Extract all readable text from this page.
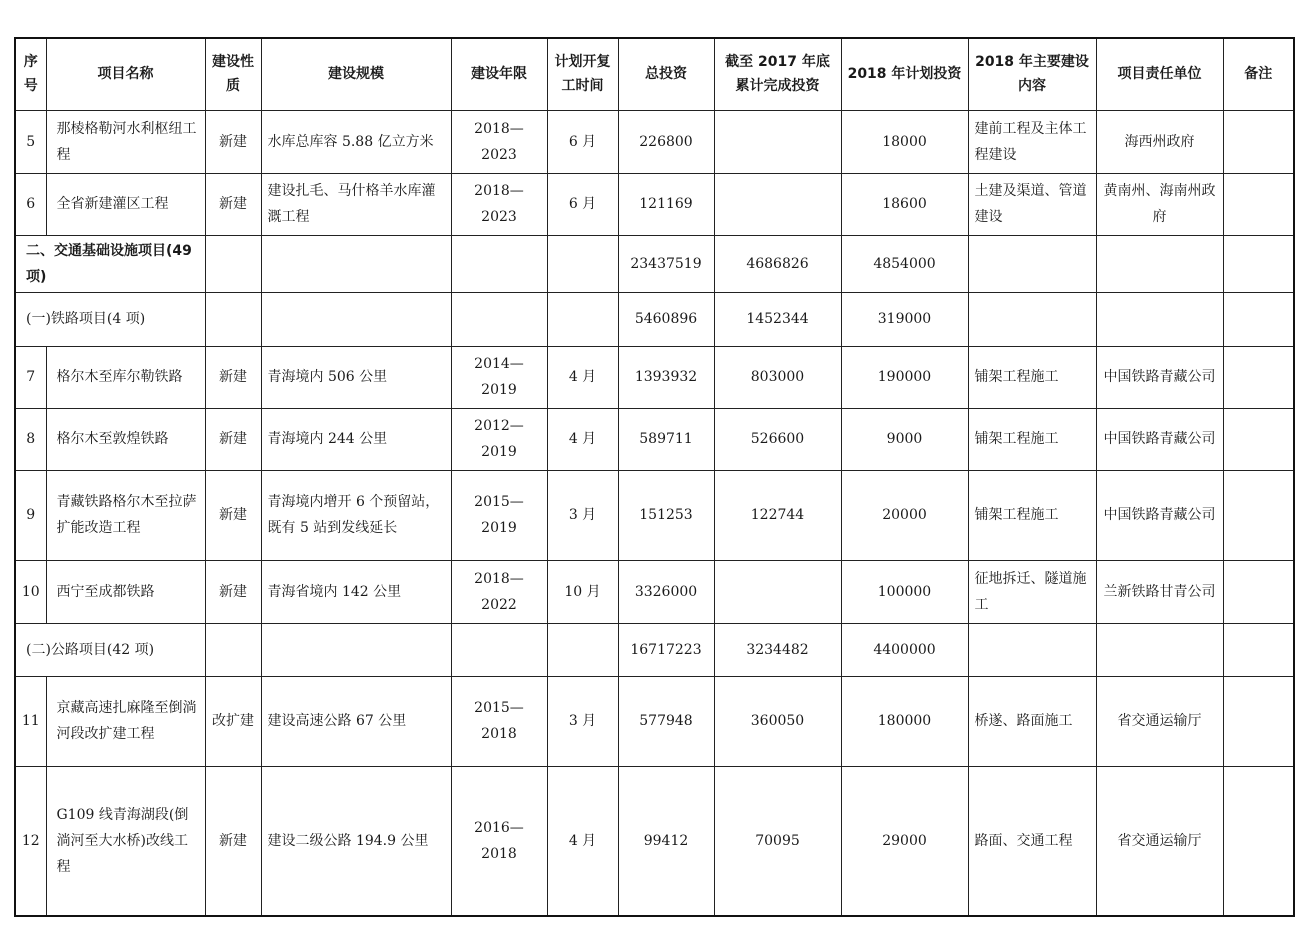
序号	项目名称	建设性质	建设规模	建设年限	计划开复工时间	总投资	截至 2017 年底累计完成投资	2018 年计划投资	2018 年主要建设内容	项目责任单位	备注
5	那棱格勒河水利枢纽工程	新建	水库总库容 5.88 亿立方米	2018—2023	6 月	226800		18000	建前工程及主体工程建设	海西州政府	
6	全省新建灌区工程	新建	建设扎毛、马什格羊水库灌溉工程	2018—2023	6 月	121169		18600	土建及渠道、管道建设	黄南州、海南州政府	
二、交通基础设施项目(49 项)						23437519	4686826	4854000			
(一)铁路项目(4 项)						5460896	1452344	319000			
7	格尔木至库尔勒铁路	新建	青海境内 506 公里	2014—2019	4 月	1393932	803000	190000	铺架工程施工	中国铁路青藏公司	
8	格尔木至敦煌铁路	新建	青海境内 244 公里	2012—2019	4 月	589711	526600	9000	铺架工程施工	中国铁路青藏公司	
9	青藏铁路格尔木至拉萨扩能改造工程	新建	青海境内增开 6 个预留站，既有 5 站到发线延长	2015—2019	3 月	151253	122744	20000	铺架工程施工	中国铁路青藏公司	
10	西宁至成都铁路	新建	青海省境内 142 公里	2018—2022	10 月	3326000		100000	征地拆迁、隧道施工	兰新铁路甘青公司	
(二)公路项目(42 项)						16717223	3234482	4400000			
11	京藏高速扎麻隆至倒淌河段改扩建工程	改扩建	建设高速公路 67 公里	2015—2018	3 月	577948	360050	180000	桥遂、路面施工	省交通运输厅	
12	G109 线青海湖段(倒淌河至大水桥)改线工程	新建	建设二级公路 194.9 公里	2016—2018	4 月	99412	70095	29000	路面、交通工程	省交通运输厅	
